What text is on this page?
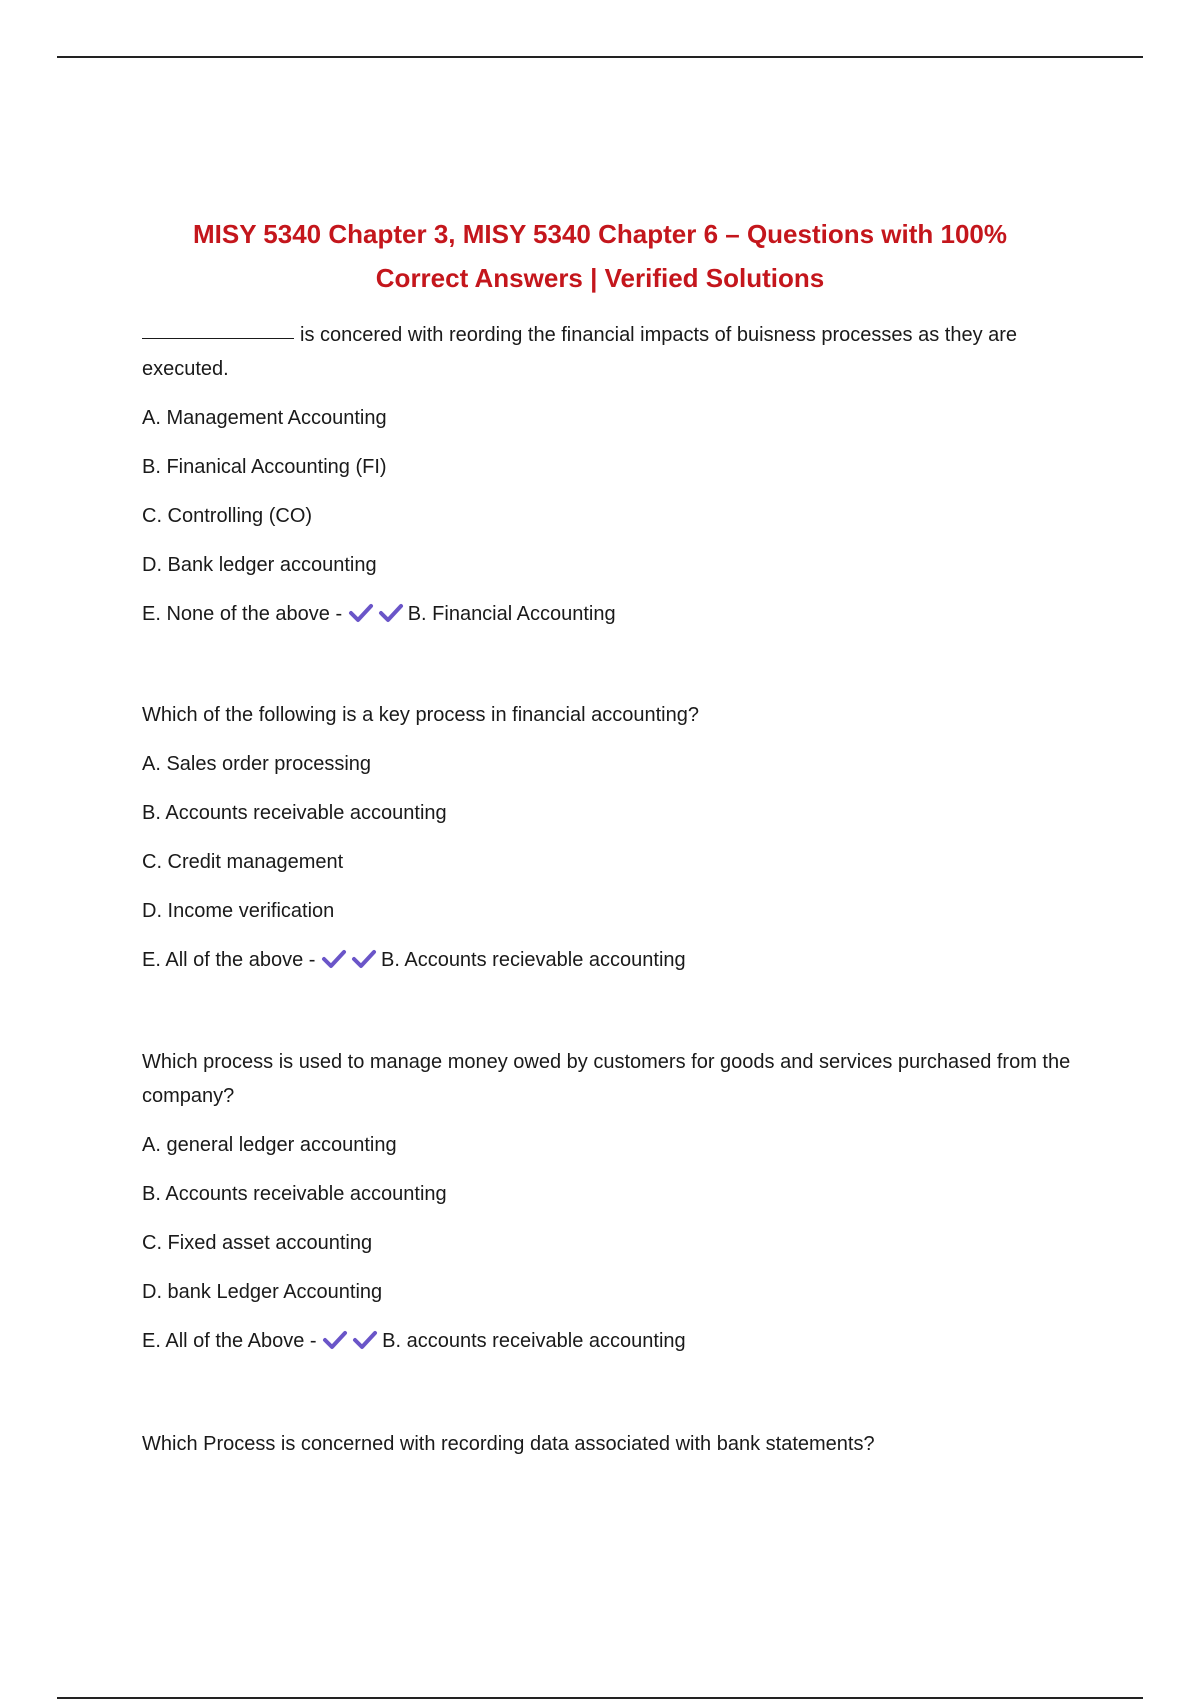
MISY 5340 Chapter 3, MISY 5340 Chapter 6 – Questions with 100%
Correct Answers | Verified Solutions

is concered with reording the financial impacts of buisness processes as they are executed.

A. Management Accounting

B. Finanical Accounting (FI)

C. Controlling (CO)

D. Bank ledger accounting

E. None of the above -	B. Financial Accounting

Which of the following is a key process in financial accounting?

A. Sales order processing

B. Accounts receivable accounting

C. Credit management

D. Income verification

E. All of the above -	B. Accounts recievable accounting

Which process is used to manage money owed by customers for goods and services purchased from the company?

A. general ledger accounting

B. Accounts receivable accounting

C. Fixed asset accounting

D. bank Ledger Accounting

E. All of the Above -	B. accounts receivable accounting

Which Process is concerned with recording data associated with bank statements?
